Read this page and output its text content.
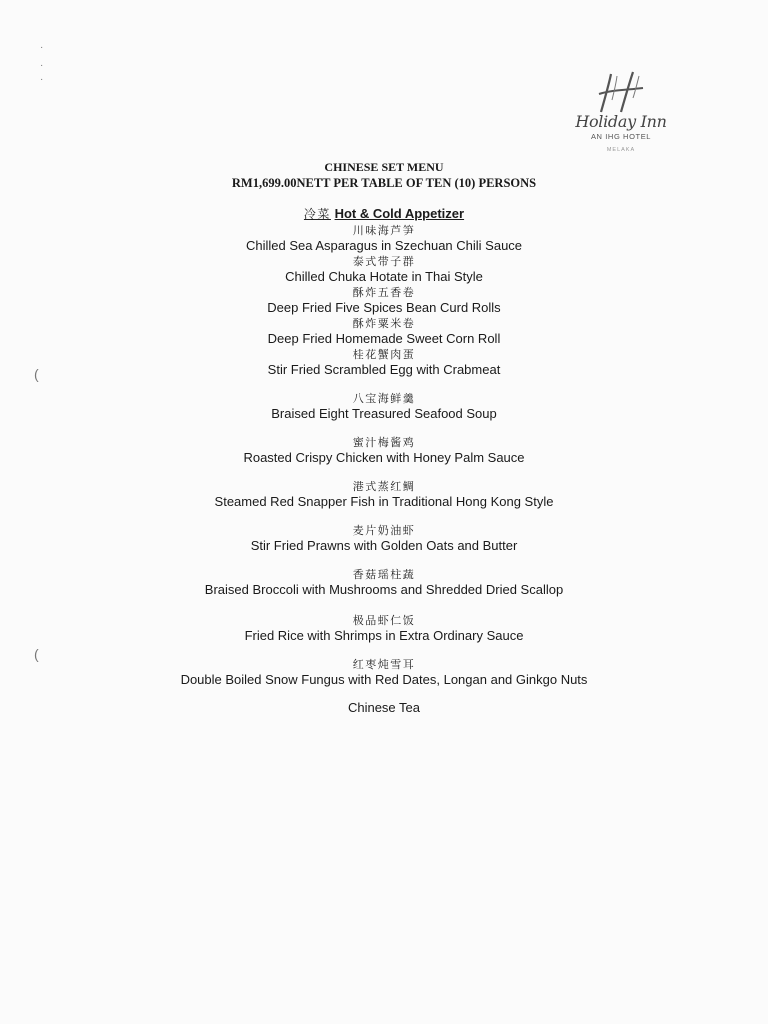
·
·
·
(
(
Holiday Inn
AN IHG HOTEL
MELAKA
CHINESE SET MENU
RM1,699.00NETT PER TABLE OF TEN (10) PERSONS
冷菜 Hot & Cold Appetizer
川味海芦笋
Chilled Sea Asparagus in Szechuan Chili Sauce
泰式带子群
Chilled Chuka Hotate in Thai Style
酥炸五香卷
Deep Fried Five Spices Bean Curd Rolls
酥炸粟米卷
Deep Fried Homemade Sweet Corn Roll
桂花蟹肉蛋
Stir Fried Scrambled Egg with Crabmeat
八宝海鲜羹
Braised Eight Treasured Seafood Soup
蜜汁梅酱鸡
Roasted Crispy Chicken with Honey Palm Sauce
港式蒸红鲷
Steamed Red Snapper Fish in Traditional Hong Kong Style
麦片奶油虾
Stir Fried Prawns with Golden Oats and Butter
香菇瑶柱蔬
Braised Broccoli with Mushrooms and Shredded Dried Scallop
极品虾仁饭
Fried Rice with Shrimps in Extra Ordinary Sauce
红枣炖雪耳
Double Boiled Snow Fungus with Red Dates, Longan and Ginkgo Nuts
Chinese Tea
